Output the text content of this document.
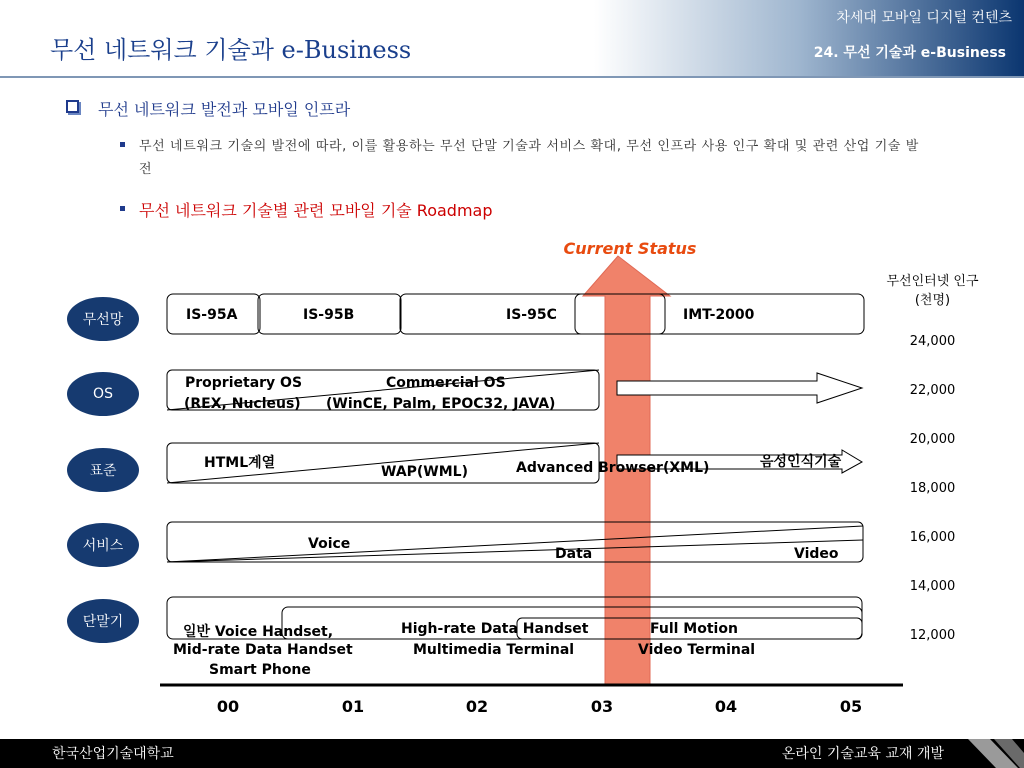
무선 네트워크 기술과 e-Business
차세대 모바일 디지털 컨텐츠
24. 무선 기술과 e-Business
무선 네트워크 발전과 모바일 인프라
무선 네트워크 기술의 발전에 따라, 이를 활용하는 무선 단말 기술과 서비스 확대, 무선 인프라 사용 인구 확대 및 관련 산업 기술 발전
무선 네트워크 기술별 관련 모바일 기술 Roadmap
Current Status
무선망
OS
표준
서비스
단말기
IS-95A	IS-95B	IS-95C	IMT-2000
Proprietary OS
(REX, Nucleus)
Commercial OS
(WinCE, Palm, EPOC32, JAVA)
HTML계열
WAP(WML)	Advanced Browser(XML)	음성인식기술
Voice
Data	Video
일반 Voice Handset,
Mid-rate Data Handset
Smart Phone
High-rate Data Handset
Multimedia Terminal
Full Motion
Video Terminal
00	01	02	03	04	05
무선인터넷 인구
(천명)
24,000
22,000
20,000
18,000
16,000
14,000
12,000
한국산업기술대학교	온라인 기술교육 교재 개발
